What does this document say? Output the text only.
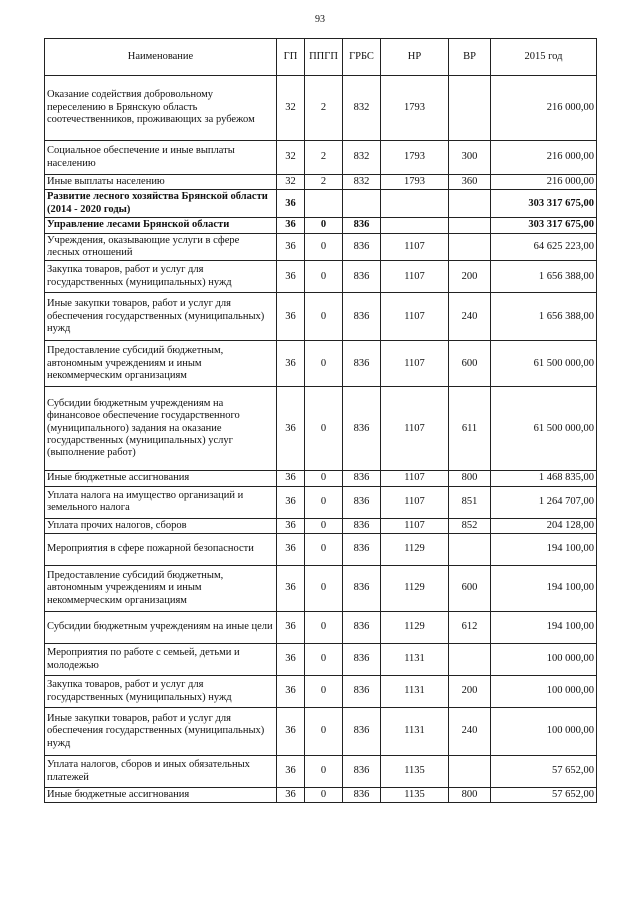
93
Наименование	ГП	ППГП	ГРБС	НР	ВР	2015 год
Оказание содействия добровольному переселению в Брянскую область соотечественников, проживающих за рубежом	32	2	832	1793		216 000,00
Социальное обеспечение и иные выплаты населению	32	2	832	1793	300	216 000,00
Иные выплаты населению	32	2	832	1793	360	216 000,00
Развитие лесного хозяйства Брянской области (2014 - 2020 годы)	36					303 317 675,00
Управление лесами Брянской области	36	0	836			303 317 675,00
Учреждения, оказывающие услуги в сфере лесных отношений	36	0	836	1107		64 625 223,00
Закупка товаров, работ и услуг для государственных (муниципальных) нужд	36	0	836	1107	200	1 656 388,00
Иные закупки товаров, работ и услуг для обеспечения государственных (муниципальных) нужд	36	0	836	1107	240	1 656 388,00
Предоставление субсидий бюджетным, автономным учреждениям и иным некоммерческим организациям	36	0	836	1107	600	61 500 000,00
Субсидии бюджетным учреждениям на финансовое обеспечение государственного (муниципального) задания на оказание государственных (муниципальных) услуг (выполнение работ)	36	0	836	1107	611	61 500 000,00
Иные бюджетные ассигнования	36	0	836	1107	800	1 468 835,00
Уплата налога на имущество организаций и земельного налога	36	0	836	1107	851	1 264 707,00
Уплата прочих налогов, сборов	36	0	836	1107	852	204 128,00
Мероприятия в сфере пожарной безопасности	36	0	836	1129		194 100,00
Предоставление субсидий бюджетным, автономным учреждениям и иным некоммерческим организациям	36	0	836	1129	600	194 100,00
Субсидии бюджетным учреждениям на иные цели	36	0	836	1129	612	194 100,00
Мероприятия по работе с семьей, детьми и молодежью	36	0	836	1131		100 000,00
Закупка товаров, работ и услуг для государственных (муниципальных) нужд	36	0	836	1131	200	100 000,00
Иные закупки товаров, работ и услуг для обеспечения государственных (муниципальных) нужд	36	0	836	1131	240	100 000,00
Уплата налогов, сборов и иных обязательных платежей	36	0	836	1135		57 652,00
Иные бюджетные ассигнования	36	0	836	1135	800	57 652,00
